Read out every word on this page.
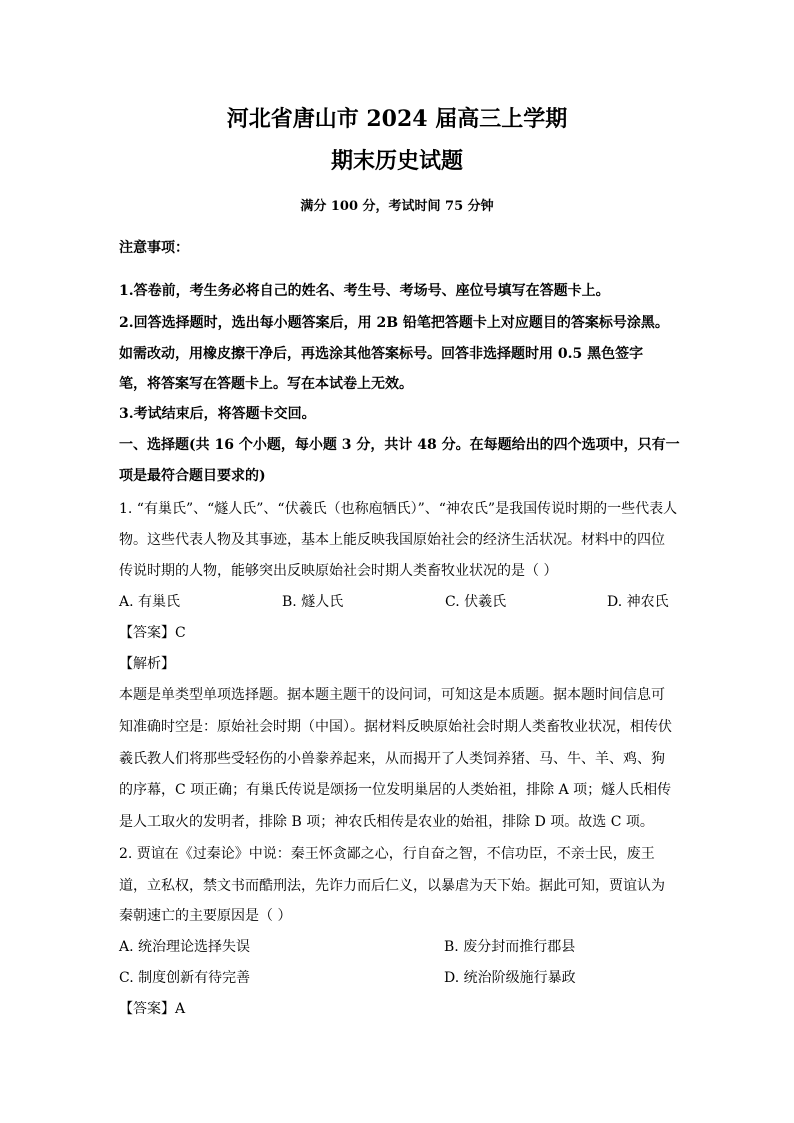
河北省唐山市 2024 届高三上学期
期末历史试题
满分 100 分，考试时间 75 分钟
注意事项：
1.答卷前，考生务必将自己的姓名、考生号、考场号、座位号填写在答题卡上。
2.回答选择题时，选出每小题答案后，用 2B 铅笔把答题卡上对应题目的答案标号涂黑。
如需改动，用橡皮擦干净后，再选涂其他答案标号。回答非选择题时用 0.5 黑色签字
笔，将答案写在答题卡上。写在本试卷上无效。
3.考试结束后，将答题卡交回。
一、选择题(共 16 个小题，每小题 3 分，共计 48 分。在每题给出的四个选项中，只有一
项是最符合题目要求的)
1. “有巢氏”、“燧人氏”、“伏羲氏（也称庖牺氏）”、“神农氏”是我国传说时期的一些代表人
物。这些代表人物及其事迹，基本上能反映我国原始社会的经济生活状况。材料中的四位
传说时期的人物，能够突出反映原始社会时期人类畜牧业状况的是（ ）
A. 有巢氏	B. 燧人氏	C. 伏羲氏	D. 神农氏
【答案】C
【解析】
本题是单类型单项选择题。据本题主题干的设问词，可知这是本质题。据本题时间信息可
知准确时空是：原始社会时期（中国）。据材料反映原始社会时期人类畜牧业状况，相传伏
羲氏教人们将那些受轻伤的小兽豢养起来，从而揭开了人类饲养猪、马、牛、羊、鸡、狗
的序幕，C 项正确；有巢氏传说是颂扬一位发明巢居的人类始祖，排除 A 项；燧人氏相传
是人工取火的发明者，排除 B 项；神农氏相传是农业的始祖，排除 D 项。故选 C 项。
2. 贾谊在《过秦论》中说：秦王怀贪鄙之心，行自奋之智，不信功臣，不亲士民，废王
道，立私权，禁文书而酷刑法，先诈力而后仁义，以暴虐为天下始。据此可知，贾谊认为
秦朝速亡的主要原因是（ ）
A. 统治理论选择失误	B. 废分封而推行郡县
C. 制度创新有待完善	D. 统治阶级施行暴政
【答案】A
